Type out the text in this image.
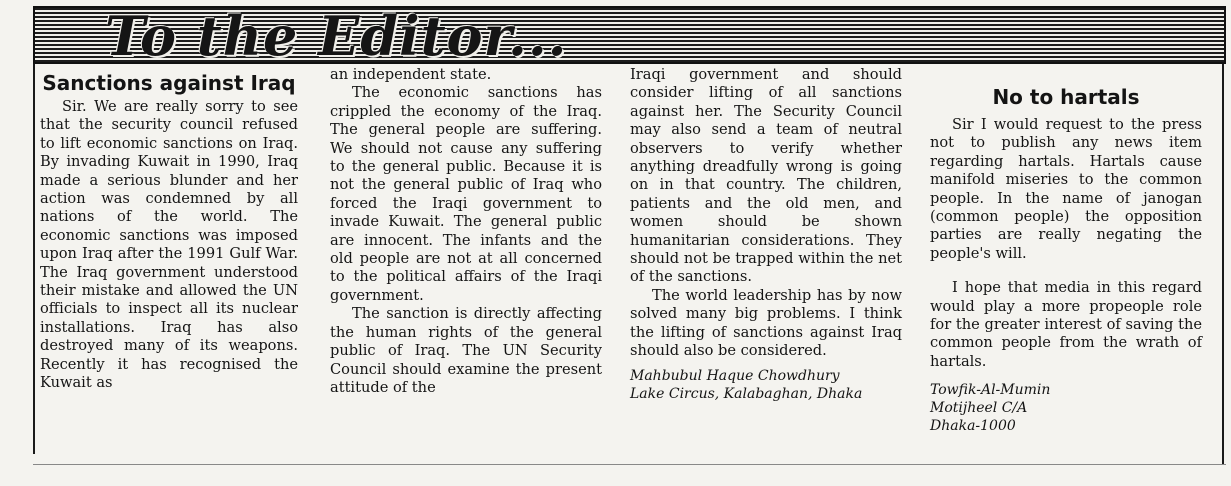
To the Editor...
Sanctions against Iraq

Sir. We are really sorry to see that the security council refused to lift economic sanctions on Iraq. By invading Kuwait in 1990, Iraq made a serious blunder and her action was condemned by all nations of the world. The economic sanctions was imposed upon Iraq after the 1991 Gulf War. The Iraq government understood their mistake and allowed the UN officials to inspect all its nuclear installations. Iraq has also destroyed many of its weapons. Recently it has recognised the Kuwait as

an independent state.

The economic sanctions has crippled the economy of the Iraq. The general people are suffering. We should not cause any suffering to the general public. Because it is not the general public of Iraq who forced the Iraqi government to invade Kuwait. The general public are innocent. The infants and the old people are not at all concerned to the political affairs of the Iraqi government.

The sanction is directly affecting the human rights of the general public of Iraq. The UN Security Council should examine the present attitude of the

Iraqi government and should consider lifting of all sanctions against her. The Security Council may also send a team of neutral observers to verify whether anything dreadfully wrong is going on in that country. The children, patients and the old men, and women should be shown humanitarian considerations. They should not be trapped within the net of the sanctions.

The world leadership has by now solved many big problems. I think the lifting of sanctions against Iraq should also be considered.

Mahbubul Haque Chowdhury

Lake Circus, Kalabaghan, Dhaka

No to hartals

Sir I would request to the press not to publish any news item regarding hartals. Hartals cause manifold miseries to the common people. In the name of janogan (common people) the opposition parties are really negating the people's will.

I hope that media in this regard would play a more propeople role for the greater interest of saving the common people from the wrath of hartals.

Towfik-Al-Mumin

Motijheel C/A

Dhaka-1000
